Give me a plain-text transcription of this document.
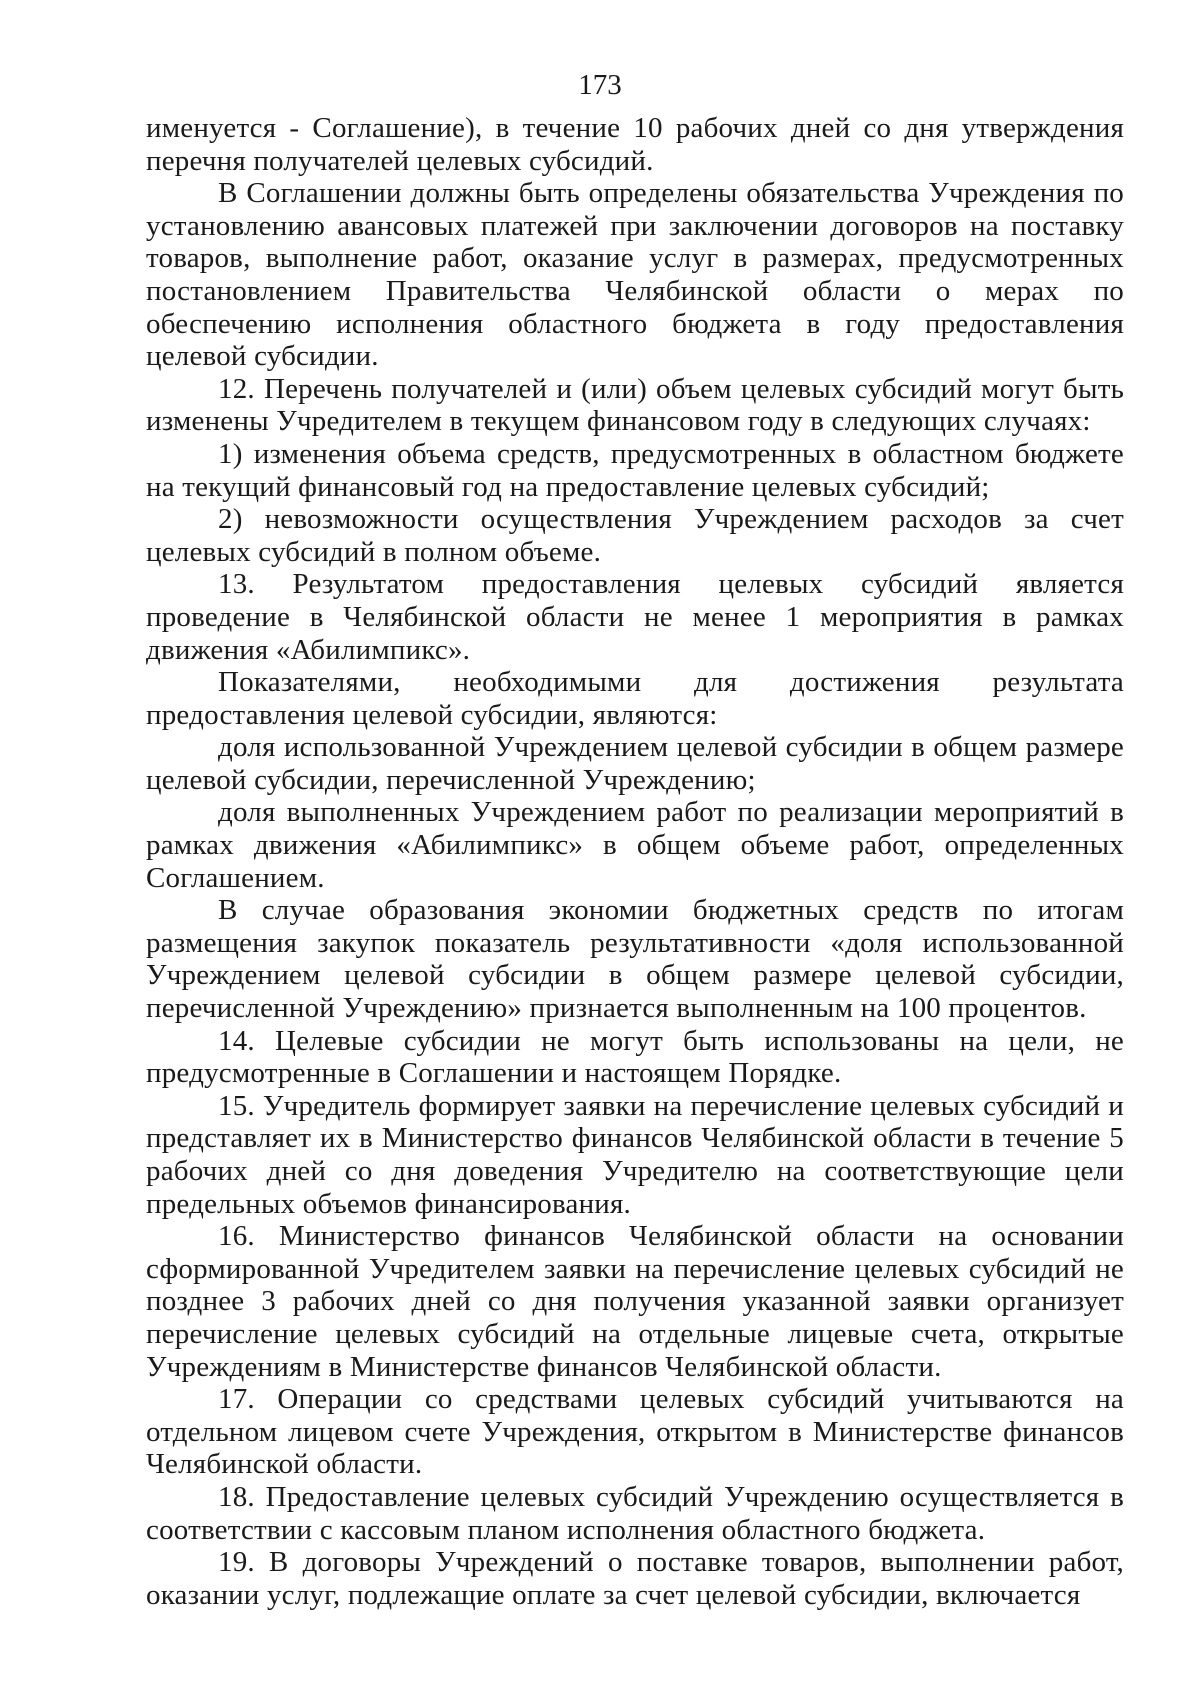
173

именуется - Соглашение), в течение 10 рабочих дней со дня утверждения перечня получателей целевых субсидий.

В Соглашении должны быть определены обязательства Учреждения по установлению авансовых платежей при заключении договоров на поставку товаров, выполнение работ, оказание услуг в размерах, предусмотренных постановлением Правительства Челябинской области о мерах по обеспечению исполнения областного бюджета в году предоставления целевой субсидии.

12. Перечень получателей и (или) объем целевых субсидий могут быть изменены Учредителем в текущем финансовом году в следующих случаях:

1) изменения объема средств, предусмотренных в областном бюджете на текущий финансовый год на предоставление целевых субсидий;

2) невозможности осуществления Учреждением расходов за счет целевых субсидий в полном объеме.

13. Результатом предоставления целевых субсидий является проведение в Челябинской области не менее 1 мероприятия в рамках движения «Абилимпикс».

Показателями, необходимыми для достижения результата предоставления целевой субсидии, являются:

доля использованной Учреждением целевой субсидии в общем размере целевой субсидии, перечисленной Учреждению;

доля выполненных Учреждением работ по реализации мероприятий в рамках движения «Абилимпикс» в общем объеме работ, определенных Соглашением.

В случае образования экономии бюджетных средств по итогам размещения закупок показатель результативности «доля использованной Учреждением целевой субсидии в общем размере целевой субсидии, перечисленной Учреждению» признается выполненным на 100 процентов.

14. Целевые субсидии не могут быть использованы на цели, не предусмотренные в Соглашении и настоящем Порядке.

15. Учредитель формирует заявки на перечисление целевых субсидий и представляет их в Министерство финансов Челябинской области в течение 5 рабочих дней со дня доведения Учредителю на соответствующие цели предельных объемов финансирования.

16. Министерство финансов Челябинской области на основании сформированной Учредителем заявки на перечисление целевых субсидий не позднее 3 рабочих дней со дня получения указанной заявки организует перечисление целевых субсидий на отдельные лицевые счета, открытые Учреждениям в Министерстве финансов Челябинской области.

17. Операции со средствами целевых субсидий учитываются на отдельном лицевом счете Учреждения, открытом в Министерстве финансов Челябинской области.

18. Предоставление целевых субсидий Учреждению осуществляется в соответствии с кассовым планом исполнения областного бюджета.

19. В договоры Учреждений о поставке товаров, выполнении работ, оказании услуг, подлежащие оплате за счет целевой субсидии, включается
